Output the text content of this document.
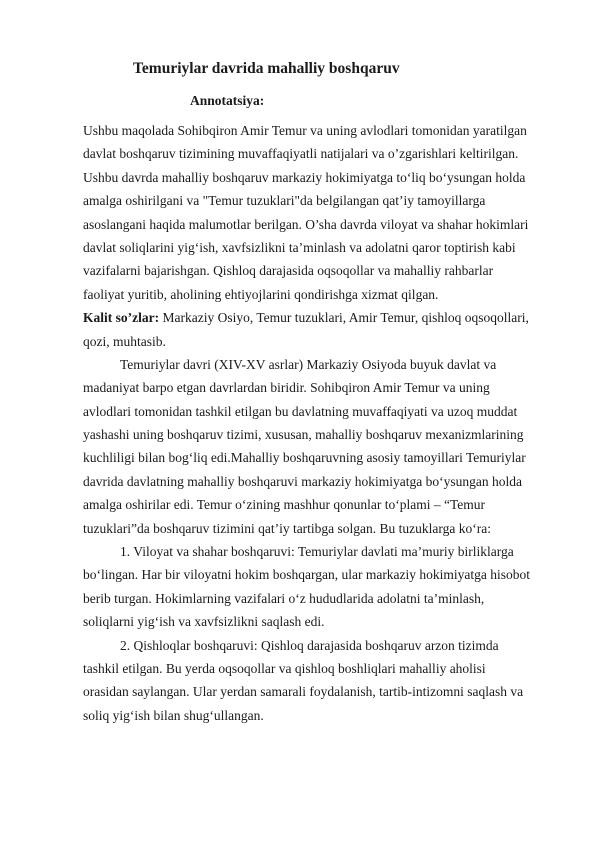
Temuriylar davrida mahalliy boshqaruv
Annotatsiya:
Ushbu maqolada Sohibqiron Amir Temur va uning avlodlari tomonidan yaratilgan
davlat boshqaruv tizimining muvaffaqiyatli natijalari va o’zgarishlari keltirilgan.
Ushbu davrda mahalliy boshqaruv markaziy hokimiyatga to‘liq bo‘ysungan holda
amalga oshirilgani va "Temur tuzuklari"da belgilangan qat’iy tamoyillarga
asoslangani haqida malumotlar berilgan. O’sha davrda viloyat va shahar hokimlari
davlat soliqlarini yig‘ish, xavfsizlikni ta’minlash va adolatni qaror toptirish kabi
vazifalarni bajarishgan. Qishloq darajasida oqsoqollar va mahalliy rahbarlar
faoliyat yuritib, aholining ehtiyojlarini qondirishga xizmat qilgan.
Kalit so’zlar: Markaziy Osiyo, Temur tuzuklari, Amir Temur, qishloq oqsoqollari,
qozi, muhtasib.
Temuriylar davri (XIV-XV asrlar) Markaziy Osiyoda buyuk davlat va
madaniyat barpo etgan davrlardan biridir. Sohibqiron Amir Temur va uning
avlodlari tomonidan tashkil etilgan bu davlatning muvaffaqiyati va uzoq muddat
yashashi uning boshqaruv tizimi, xususan, mahalliy boshqaruv mexanizmlarining
kuchliligi bilan bog‘liq edi.Mahalliy boshqaruvning asosiy tamoyillari Temuriylar
davrida davlatning mahalliy boshqaruvi markaziy hokimiyatga bo‘ysungan holda
amalga oshirilar edi. Temur o‘zining mashhur qonunlar to‘plami – “Temur
tuzuklari”da boshqaruv tizimini qat’iy tartibga solgan. Bu tuzuklarga ko‘ra:
1. Viloyat va shahar boshqaruvi: Temuriylar davlati ma’muriy birliklarga
bo‘lingan. Har bir viloyatni hokim boshqargan, ular markaziy hokimiyatga hisobot
berib turgan. Hokimlarning vazifalari o‘z hududlarida adolatni ta’minlash,
soliqlarni yig‘ish va xavfsizlikni saqlash edi.
2. Qishloqlar boshqaruvi: Qishloq darajasida boshqaruv arzon tizimda
tashkil etilgan. Bu yerda oqsoqollar va qishloq boshliqlari mahalliy aholisi
orasidan saylangan. Ular yerdan samarali foydalanish, tartib-intizomni saqlash va
soliq yig‘ish bilan shug‘ullangan.
